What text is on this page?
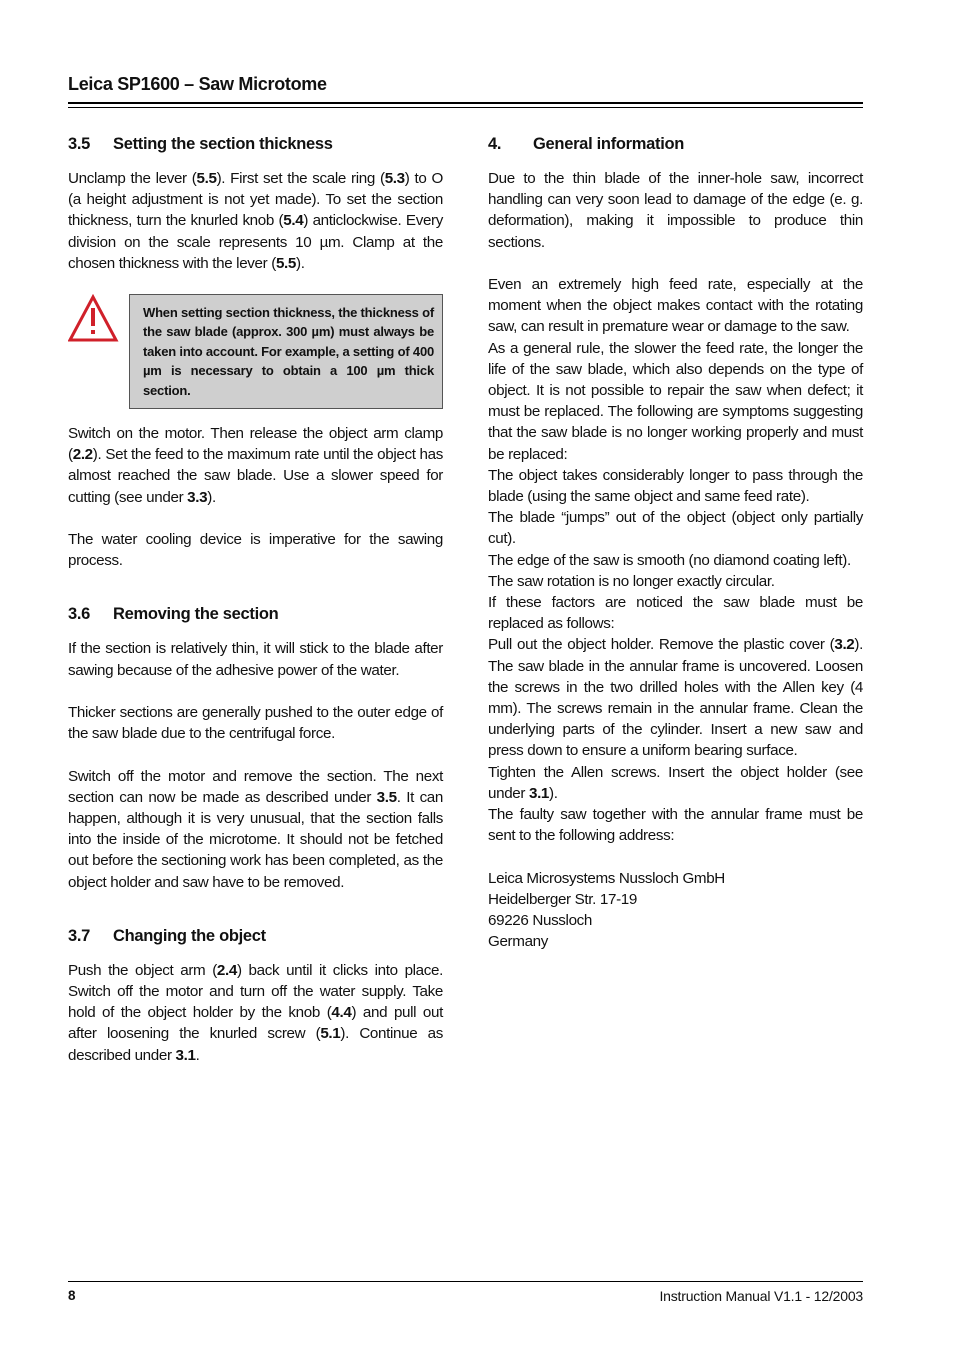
Leica SP1600 – Saw Microtome
3.5	Setting the section thickness

Unclamp the lever (5.5). First set the scale ring (5.3) to O (a height adjustment is not yet made). To set the section thickness, turn the knurled knob (5.4) anticlockwise. Every division on the scale represents 10 µm. Clamp at the chosen thickness with the lever (5.5).

When setting section thickness, the thickness of the saw blade (approx. 300 µm) must always be taken into account. For example, a setting of 400 µm is necessary to obtain a 100 µm thick section.

Switch on the motor. Then release the object arm clamp (2.2). Set the feed to the maximum rate until the object has almost reached the saw blade. Use a slower speed for cutting (see under 3.3).

The water cooling device is imperative for the sawing process.

3.6	Removing the section

If the section is relatively thin, it will stick to the blade after sawing because of the adhesive power of the water.

Thicker sections are generally pushed to the outer edge of the saw blade due to the centrifugal force.

Switch off the motor and remove the section. The next section can now be made as described under 3.5. It can happen, although it is very unusual, that the section falls into the inside of the microtome. It should not be fetched out before the sectioning work has been completed, as the object holder and saw have to be removed.

3.7	Changing the object

Push the object arm (2.4) back until it clicks into place. Switch off the motor and turn off the water supply. Take hold of the object holder by the knob (4.4) and pull out after loosening the knurled screw (5.1). Continue as described under 3.1.

4.	General information

Due to the thin blade of the inner-hole saw, incorrect handling can very soon lead to damage of the edge (e. g. deformation), making it impossible to produce thin sections.

Even an extremely high feed rate, especially at the moment when the object makes contact with the rotating saw, can result in premature wear or damage to the saw.

As a general rule, the slower the feed rate, the longer the life of the saw blade, which also depends on the type of object. It is not possible to repair the saw when defect; it must be replaced. The following are symptoms suggesting that the saw blade is no longer working properly and must be replaced:

The object takes considerably longer to pass through the blade (using the same object and same feed rate).

The blade “jumps” out of the object (object only partially cut).

The edge of the saw is smooth (no diamond coating left).

The saw rotation is no longer exactly circular.

If these factors are noticed the saw blade must be replaced as follows:

Pull out the object holder. Remove the plastic cover (3.2). The saw blade in the annular frame is uncovered. Loosen the screws in the two drilled holes with the Allen key (4 mm). The screws remain in the annular frame. Clean the underlying parts of the cylinder. Insert a new saw and press down to ensure a uniform bearing surface.

Tighten the Allen screws. Insert the object holder (see under 3.1).

The faulty saw together with the annular frame must be sent to the following address:

Leica Microsystems Nussloch GmbH

Heidelberger Str. 17-19

69226 Nussloch

Germany

8	Instruction Manual V1.1 - 12/2003
